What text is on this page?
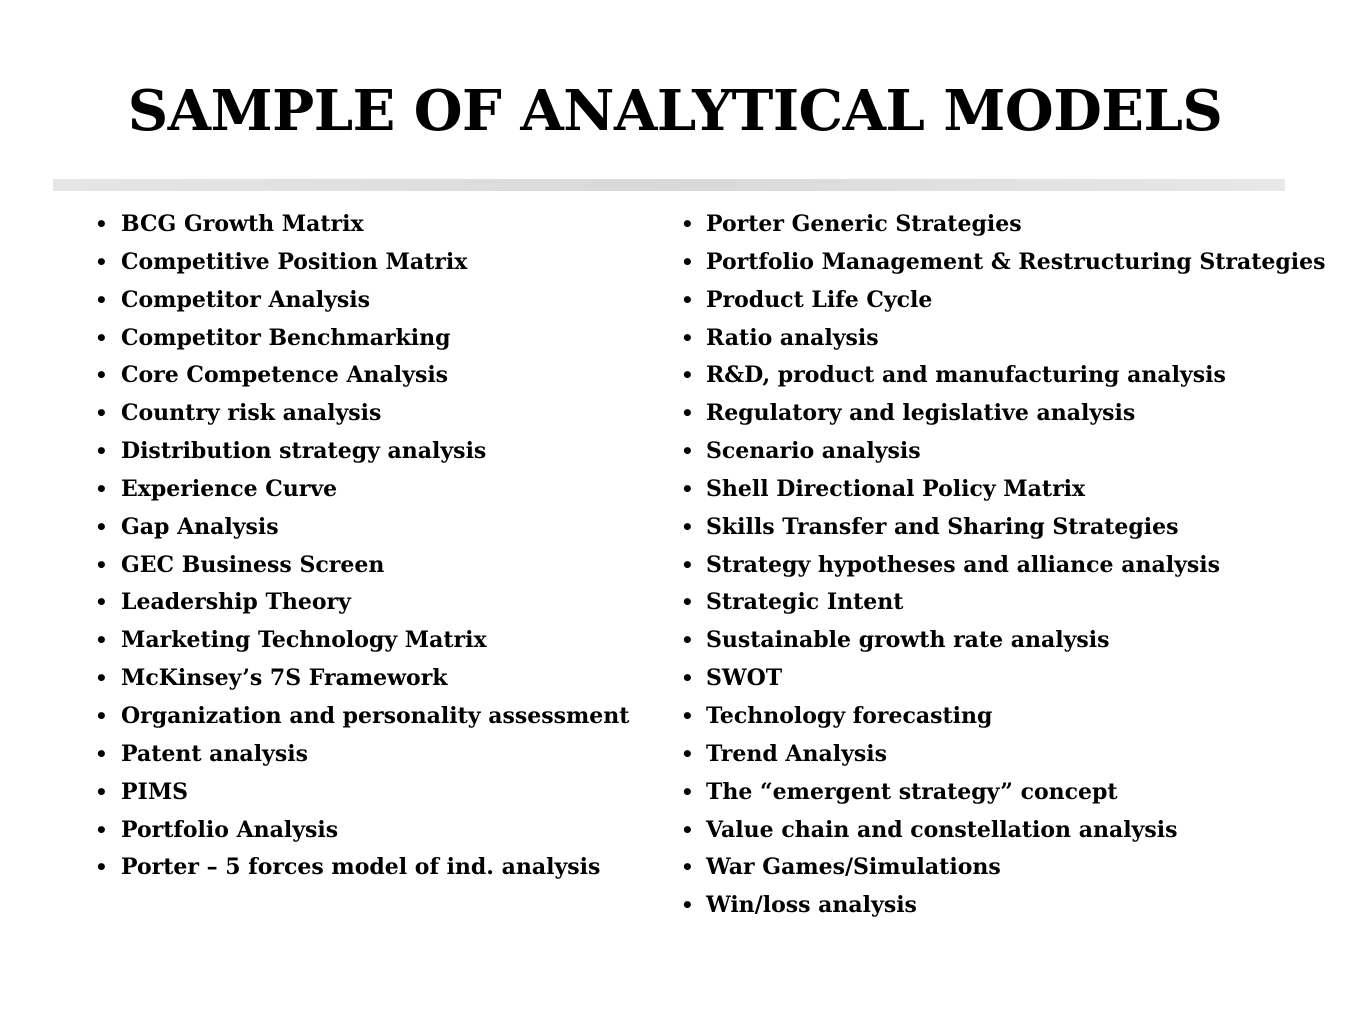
SAMPLE OF ANALYTICAL MODELS
• BCG Growth Matrix
• Competitive Position Matrix
• Competitor Analysis
• Competitor Benchmarking
• Core Competence Analysis
• Country risk analysis
• Distribution strategy analysis
• Experience Curve
• Gap Analysis
• GEC Business Screen
• Leadership Theory
• Marketing Technology Matrix
• McKinsey’s 7S Framework
• Organization and personality assessment
• Patent analysis
• PIMS
• Portfolio Analysis
• Porter – 5 forces model of ind. analysis
• Porter Generic Strategies
• Portfolio Management & Restructuring Strategies
• Product Life Cycle
• Ratio analysis
• R&D, product and manufacturing analysis
• Regulatory and legislative analysis
• Scenario analysis
• Shell Directional Policy Matrix
• Skills Transfer and Sharing Strategies
• Strategy hypotheses and alliance analysis
• Strategic Intent
• Sustainable growth rate analysis
• SWOT
• Technology forecasting
• Trend Analysis
• The “emergent strategy” concept
• Value chain and constellation analysis
• War Games/Simulations
• Win/loss analysis
